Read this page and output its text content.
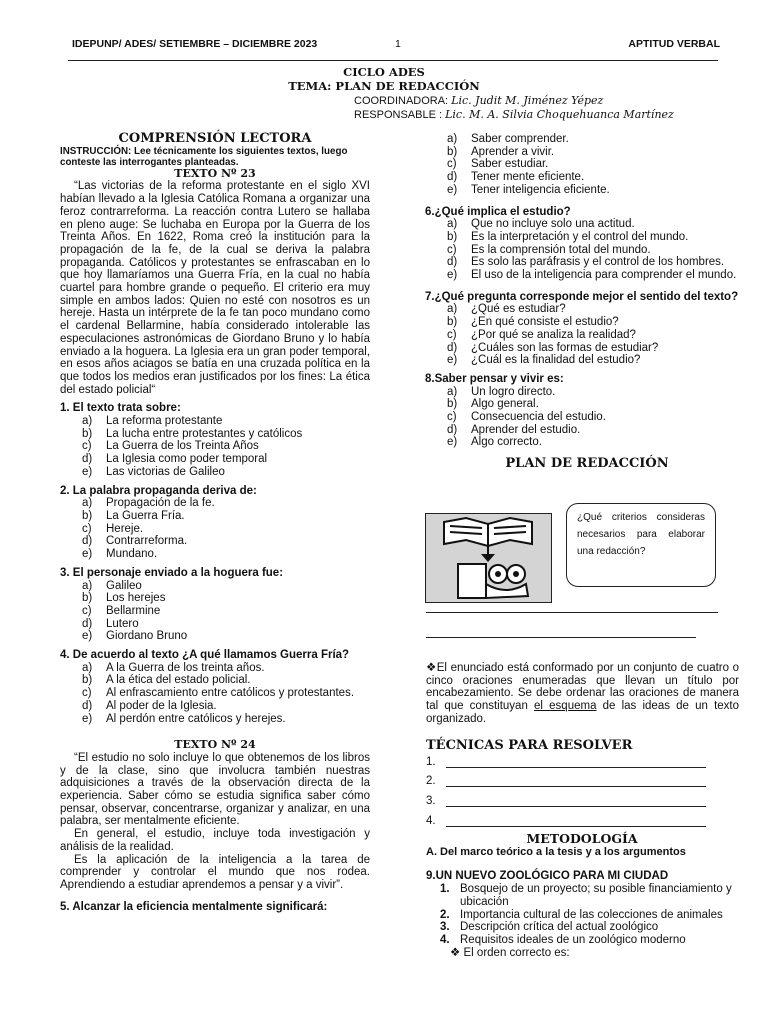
IDEPUNP/ ADES/ SETIEMBRE – DICIEMBRE 2023	1	APTITUD VERBAL
CICLO ADES
TEMA: PLAN DE REDACCIÓN
COORDINADORA: Lic. Judit M. Jiménez Yépez
RESPONSABLE : Lic. M. A. Silvia Choquehuanca Martínez

COMPRENSIÓN LECTORA

INSTRUCCIÓN: Lee técnicamente los siguientes textos, luego conteste las interrogantes planteadas.
TEXTO Nº 23
“Las victorias de la reforma protestante en el siglo XVI habían llevado a la Iglesia Católica Romana a organizar una feroz contrarreforma. La reacción contra Lutero se hallaba en pleno auge: Se luchaba en Europa por la Guerra de los Treinta Años. En 1622, Roma creó la institución para la propagación de la fe, de la cual se deriva la palabra propaganda. Católicos y protestantes se enfrascaban en lo que hoy llamaríamos una Guerra Fría, en la cual no había cuartel para hombre grande o pequeño. El criterio era muy simple en ambos lados: Quien no esté con nosotros es un hereje. Hasta un intérprete de la fe tan poco mundano como el cardenal Bellarmine, había considerado intolerable las especulaciones astronómicas de Giordano Bruno y lo había enviado a la hoguera. La Iglesia era un gran poder temporal, en esos años aciagos se batía en una cruzada política en la que todos los medios eran justificados por los fines: La ética del estado policial“
1. El texto trata sobre:
a)	La reforma protestante
b)	La lucha entre protestantes y católicos
c)	La Guerra de los Treinta Años
d)	La Iglesia como poder temporal
e)	Las victorias de Galileo
2. La palabra propaganda deriva de:
a)	Propagación de la fe.
b)	La Guerra Fría.
c)	Hereje.
d)	Contrarreforma.
e)	Mundano.
3. El personaje enviado a la hoguera fue:
a)	Galileo
b)	Los herejes
c)	Bellarmine
d)	Lutero
e)	Giordano Bruno
4. De acuerdo al texto ¿A qué llamamos Guerra Fría?
a)	A la Guerra de los treinta años.
b)	A la ética del estado policial.
c)	Al enfrascamiento entre católicos y protestantes.
d)	Al poder de la Iglesia.
e)	Al perdón entre católicos y herejes.
TEXTO Nº 24
“El estudio no solo incluye lo que obtenemos de los libros y de la clase, sino que involucra también nuestras adquisiciones a través de la observación directa de la experiencia. Saber cómo se estudia significa saber cómo pensar, observar, concentrarse, organizar y analizar, en una palabra, ser mentalmente eficiente.
En general, el estudio, incluye toda investigación y análisis de la realidad.
Es la aplicación de la inteligencia a la tarea de comprender y controlar el mundo que nos rodea. Aprendiendo a estudiar aprendemos a pensar y a vivir”.
5. Alcanzar la eficiencia mentalmente significará:
a)	Saber comprender.
b)	Aprender a vivir.
c)	Saber estudiar.
d)	Tener mente eficiente.
e)	Tener inteligencia eficiente.
6.¿Qué implica el estudio?
a)	Que no incluye solo una actitud.
b)	Es la interpretación y el control del mundo.
c)	Es la comprensión total del mundo.
d)	Es solo las paráfrasis y el control de los hombres.
e)	El uso de la inteligencia para comprender el mundo.
7.¿Qué pregunta corresponde mejor el sentido del texto?
a)	¿Qué es estudiar?
b)	¿En qué consiste el estudio?
c)	¿Por qué se analiza la realidad?
d)	¿Cuáles son las formas de estudiar?
e)	¿Cuál es la finalidad del estudio?
8.Saber pensar y vivir es:
a)	Un logro directo.
b)	Algo general.
c)	Consecuencia del estudio.
d)	Aprender del estudio.
e)	Algo correcto.

PLAN DE REDACCIÓN

¿Qué criterios consideras necesarios para elaborar una redacción?
❖El enunciado está conformado por un conjunto de cuatro o cinco oraciones enumeradas que llevan un título por encabezamiento. Se debe ordenar las oraciones de manera tal que constituyan el esquema de las ideas de un texto organizado.
TÉCNICAS PARA RESOLVER
1.
2.
3.
4.

METODOLOGÍA

A. Del marco teórico a la tesis y a los argumentos
9.UN NUEVO ZOOLÓGICO PARA MI CIUDAD
1. Bosquejo de un proyecto; su posible financiamiento y ubicación
2. Importancia cultural de las colecciones de animales
3. Descripción crítica del actual zoológico
4. Requisitos ideales de un zoológico moderno
❖ El orden correcto es:
